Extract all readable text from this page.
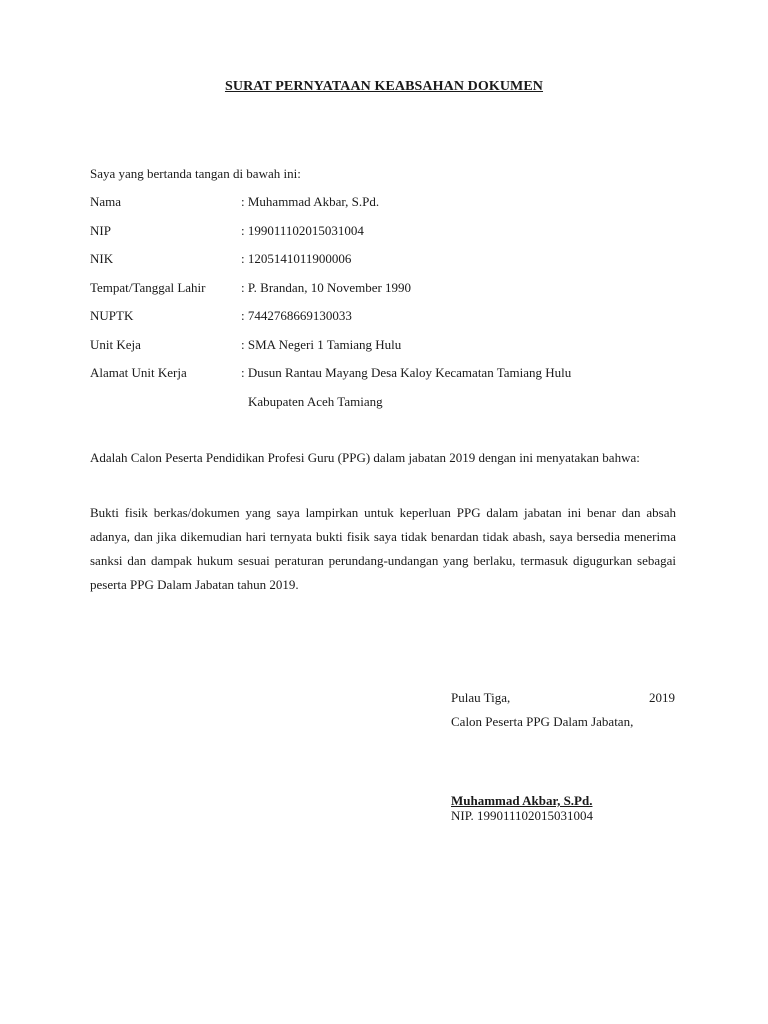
SURAT PERNYATAAN KEABSAHAN DOKUMEN
Saya yang bertanda tangan di bawah ini:
Nama	: Muhammad Akbar, S.Pd.
NIP	: 199011102015031004
NIK	: 1205141011900006
Tempat/Tanggal Lahir	: P. Brandan, 10 November 1990
NUPTK	: 7442768669130033
Unit Keja	: SMA Negeri 1 Tamiang Hulu
Alamat Unit Kerja	: Dusun Rantau Mayang Desa Kaloy Kecamatan Tamiang Hulu
Kabupaten Aceh Tamiang
Adalah Calon Peserta Pendidikan Profesi Guru (PPG) dalam jabatan 2019 dengan ini menyatakan bahwa:
Bukti fisik berkas/dokumen yang saya lampirkan untuk keperluan PPG dalam jabatan ini benar dan absah adanya, dan jika dikemudian hari ternyata bukti fisik saya tidak benardan tidak abash, saya bersedia menerima sanksi dan dampak hukum sesuai peraturan perundang-undangan yang berlaku, termasuk digugurkan sebagai peserta PPG Dalam Jabatan tahun 2019.
Pulau Tiga,	2019
Calon Peserta PPG Dalam Jabatan,
Muhammad Akbar, S.Pd.
NIP. 199011102015031004
